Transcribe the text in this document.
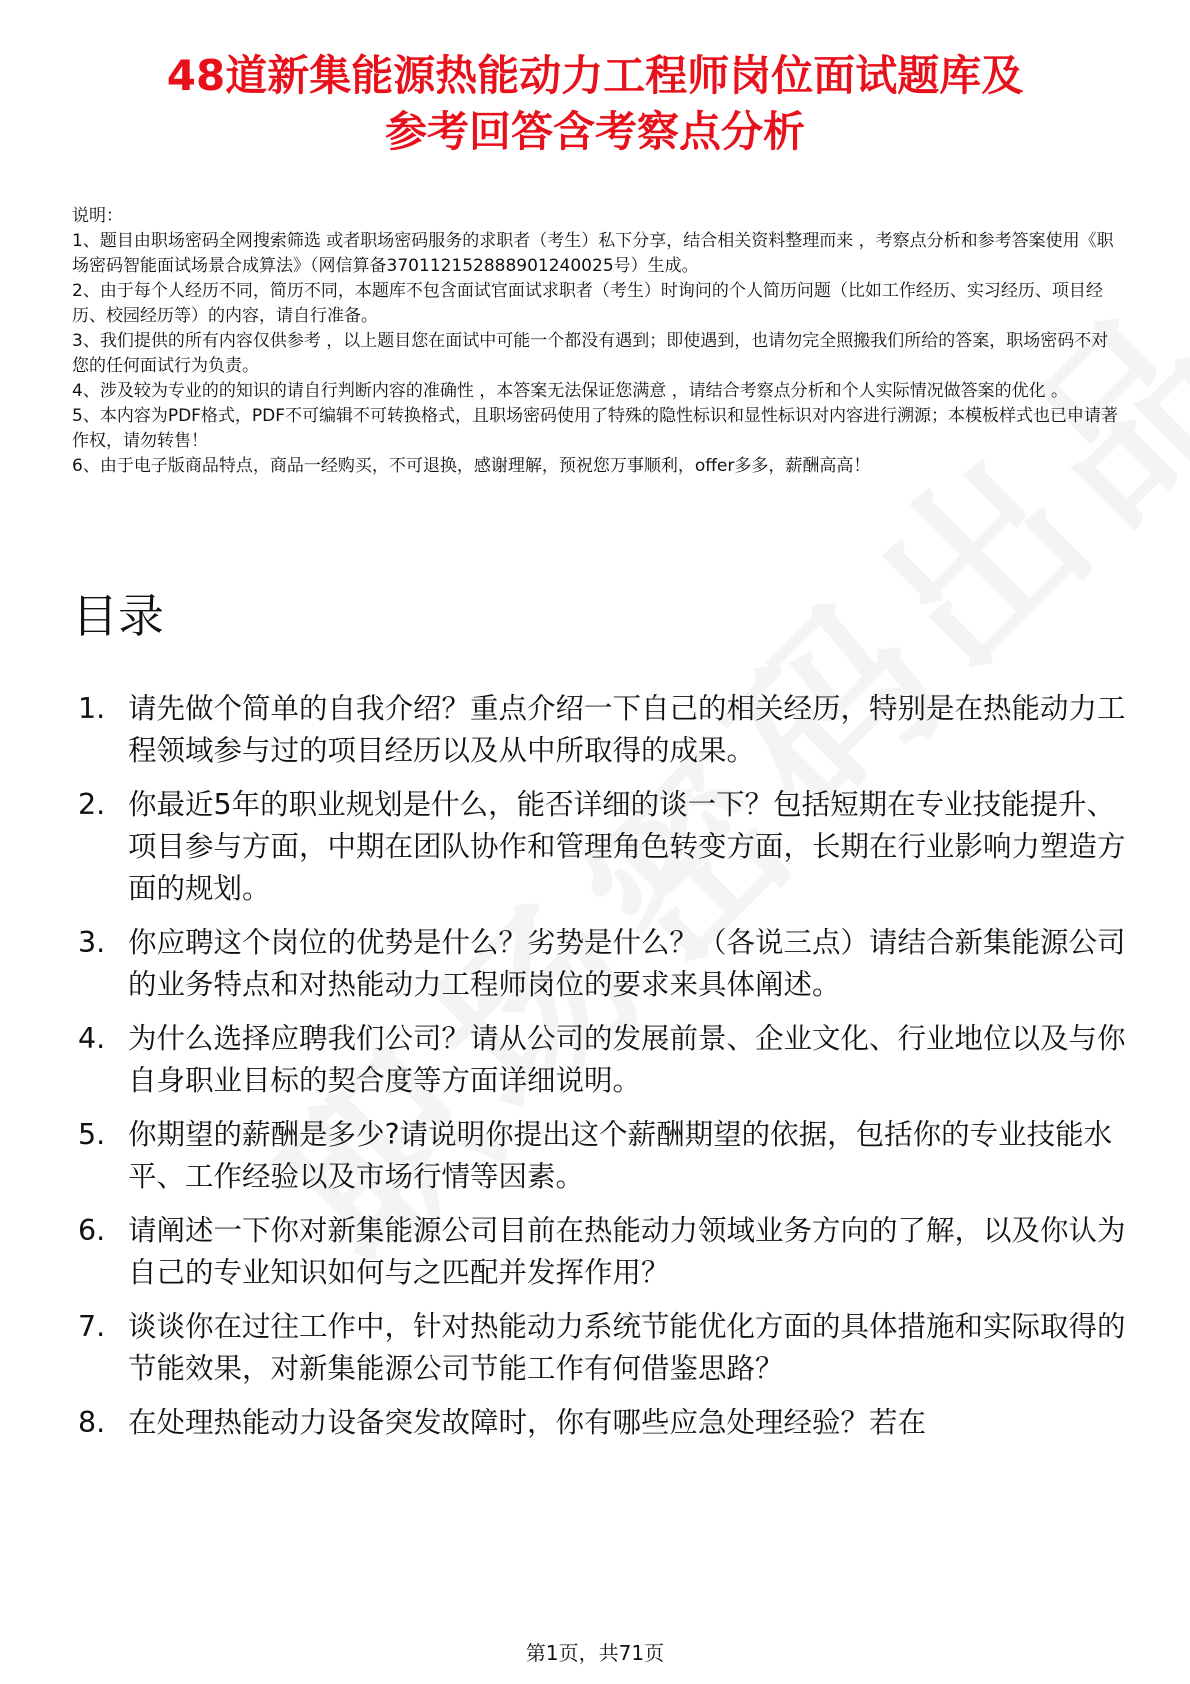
48道新集能源热能动力工程师岗位面试题库及
参考回答含考察点分析
说明：
1、题目由职场密码全网搜索筛选 或者职场密码服务的求职者（考生）私下分享，结合相关资料整理而来 ，考察点分析和参考答案使用《职场密码智能面试场景合成算法》（网信算备370112152888901240025号）生成。
2、由于每个人经历不同，简历不同，本题库不包含面试官面试求职者（考生）时询问的个人简历问题（比如工作经历、实习经历、项目经历、校园经历等）的内容，请自行准备。
3、我们提供的所有内容仅供参考 ，以上题目您在面试中可能一个都没有遇到；即使遇到，也请勿完全照搬我们所给的答案，职场密码不对您的任何面试行为负责。
4、涉及较为专业的的知识的请自行判断内容的准确性 ，本答案无法保证您满意 ，请结合考察点分析和个人实际情况做答案的优化 。
5、本内容为PDF格式，PDF不可编辑不可转换格式，且职场密码使用了特殊的隐性标识和显性标识对内容进行溯源；本模板样式也已申请著作权，请勿转售！
6、由于电子版商品特点，商品一经购买，不可退换，感谢理解，预祝您万事顺利，offer多多，薪酬高高！
目录
1. 请先做个简单的自我介绍？重点介绍一下自己的相关经历，特别是在热能动力工程领域参与过的项目经历以及从中所取得的成果。
2. 你最近5年的职业规划是什么，能否详细的谈一下？包括短期在专业技能提升、项目参与方面，中期在团队协作和管理角色转变方面，长期在行业影响力塑造方面的规划。
3. 你应聘这个岗位的优势是什么？劣势是什么？（各说三点）请结合新集能源公司的业务特点和对热能动力工程师岗位的要求来具体阐述。
4. 为什么选择应聘我们公司？请从公司的发展前景、企业文化、行业地位以及与你自身职业目标的契合度等方面详细说明。
5. 你期望的薪酬是多少?请说明你提出这个薪酬期望的依据，包括你的专业技能水平、工作经验以及市场行情等因素。
6. 请阐述一下你对新集能源公司目前在热能动力领域业务方向的了解，以及你认为自己的专业知识如何与之匹配并发挥作用？
7. 谈谈你在过往工作中，针对热能动力系统节能优化方面的具体措施和实际取得的节能效果，对新集能源公司节能工作有何借鉴思路？
8. 在处理热能动力设备突发故障时，你有哪些应急处理经验？若在
第1页，共71页
